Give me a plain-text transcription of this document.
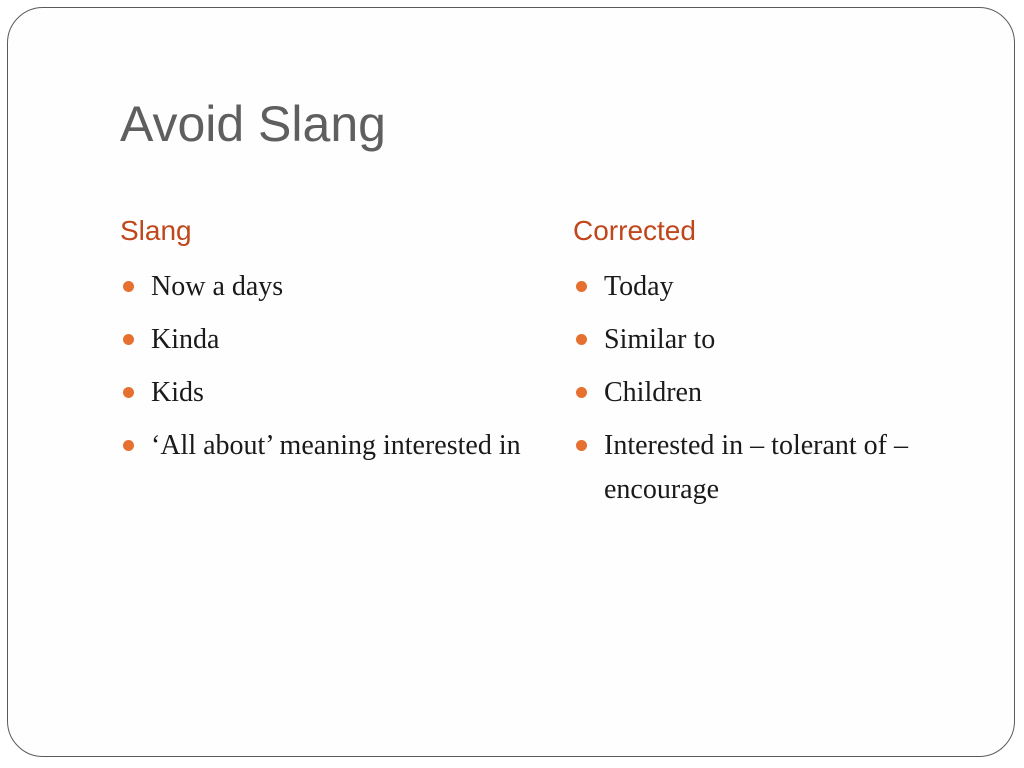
Avoid Slang
Slang
Now a days
Kinda
Kids
‘All about’ meaning interested in
Corrected
Today
Similar to
Children
Interested in – tolerant of – encourage
